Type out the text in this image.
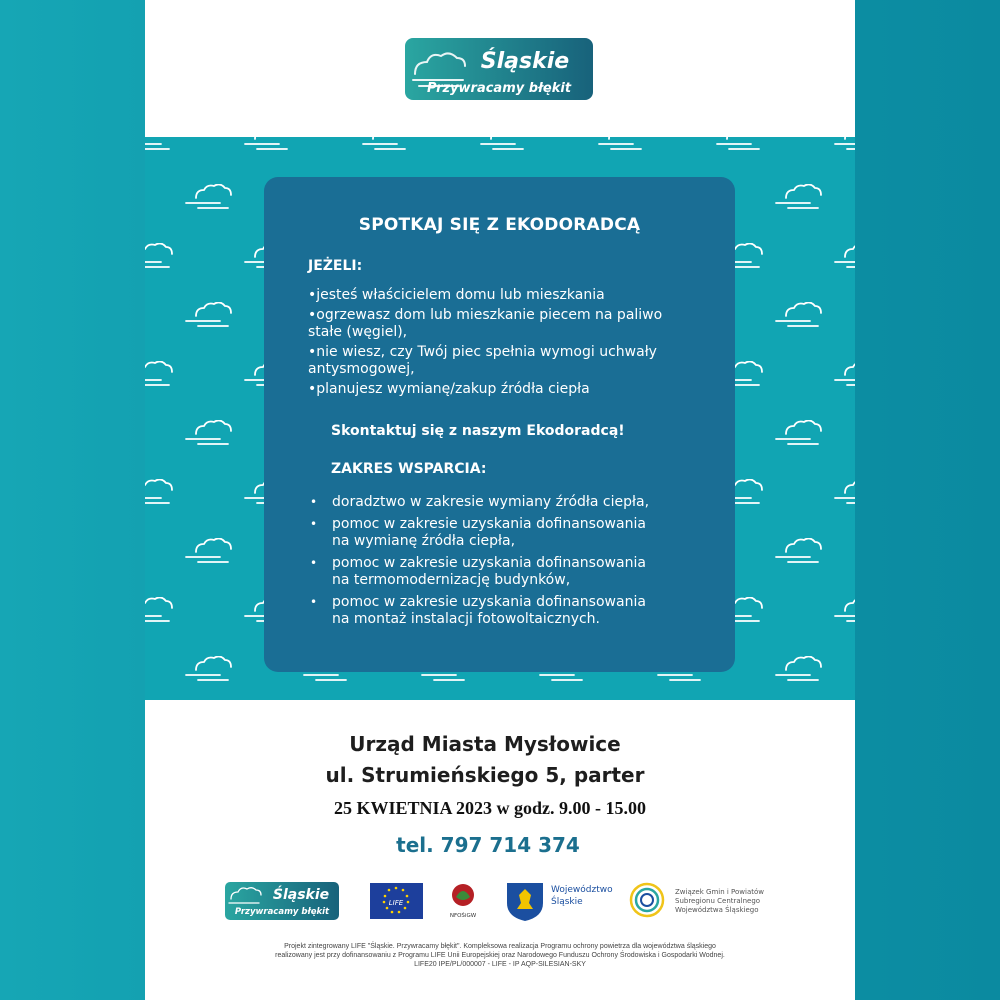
Śląskie
Przywracamy błękit
SPOTKAJ SIĘ Z EKODORADCĄ
JEŻELI:
•jesteś właścicielem domu lub mieszkania
•ogrzewasz dom lub mieszkanie piecem na paliwo
stałe (węgiel),
•nie wiesz, czy Twój piec spełnia wymogi uchwały
antysmogowej,
•planujesz wymianę/zakup źródła ciepła
Skontaktuj się z naszym Ekodoradcą!
ZAKRES WSPARCIA:
• doradztwo w zakresie wymiany źródła ciepła,
• pomoc w zakresie uzyskania dofinansowania
na wymianę źródła ciepła,
• pomoc w zakresie uzyskania dofinansowania
na termomodernizację budynków,
• pomoc w zakresie uzyskania dofinansowania
na montaż instalacji fotowoltaicznych.
Urząd Miasta Mysłowice
ul. Strumieńskiego 5, parter
25 KWIETNIA 2023 w godz. 9.00 - 15.00
tel. 797 714 374
Śląskie
Przywracamy błękit
LIFE
NFOŚiGW
Województwo
Śląskie
Związek Gmin i Powiatów
Subregionu Centralnego
Województwa Śląskiego
Projekt zintegrowany LIFE "Śląskie. Przywracamy błękit". Kompleksowa realizacja Programu ochrony powietrza dla województwa śląskiego
realizowany jest przy dofinansowaniu z Programu LIFE Unii Europejskiej oraz Narodowego Funduszu Ochrony Środowiska i Gospodarki Wodnej.
LIFE20 IPE/PL/000007 - LIFE - IP AQP-SILESIAN-SKY
